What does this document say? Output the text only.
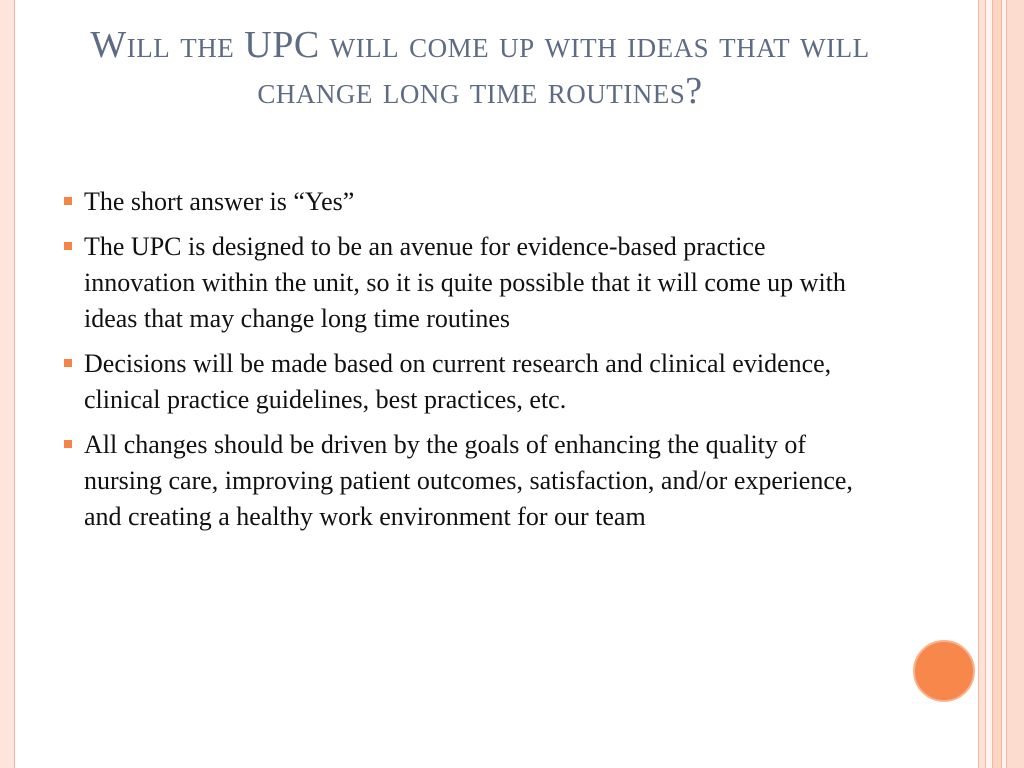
Will the UPC will come up with ideas that will change long time routines?
The short answer is “Yes”
The UPC is designed to be an avenue for evidence-based practice innovation within the unit, so it is quite possible that it will come up with ideas that may change long time routines
Decisions will be made based on current research and clinical evidence, clinical practice guidelines, best practices, etc.
All changes should be driven by the goals of enhancing the quality of nursing care, improving patient outcomes, satisfaction, and/or experience, and creating a healthy work environment for our team
